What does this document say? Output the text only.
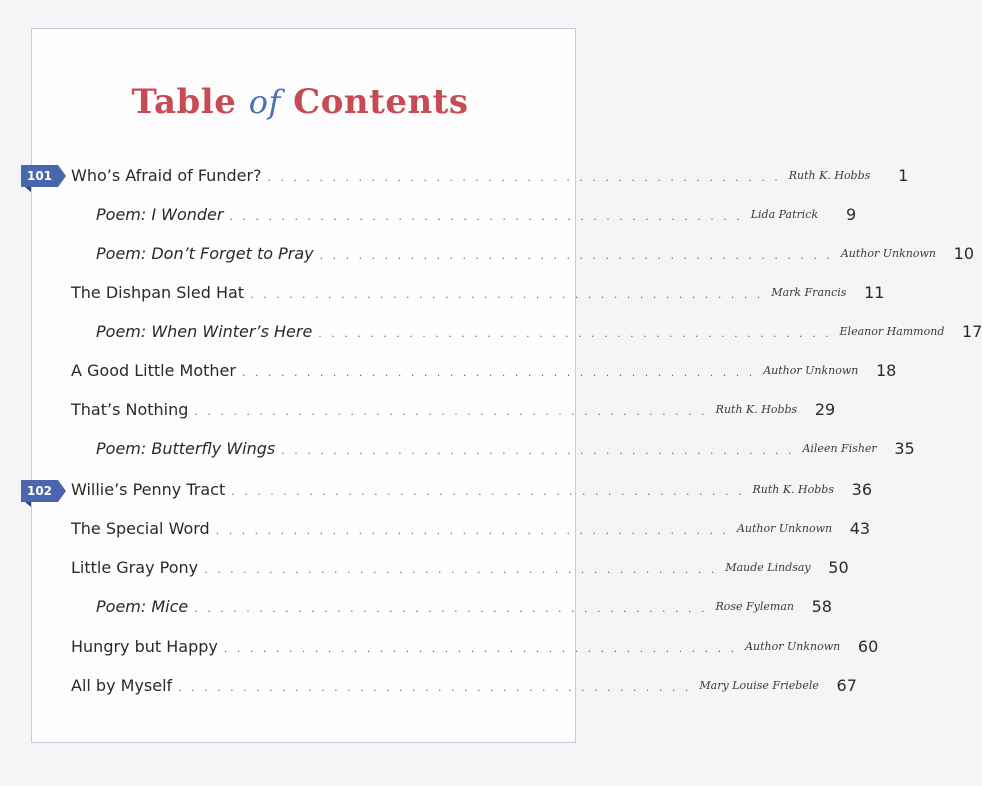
Table of Contents
101
102
Who’s Afraid of Funder? . . . . . . . . . . . . . . . . . . . . . . . . . . . . . . . . . . . . . . . . Ruth K. Hobbs	1
Poem: I Wonder . . . . . . . . . . . . . . . . . . . . . . . . . . . . . . . . . . . . . . . . Lida Patrick	9
Poem: Don’t Forget to Pray . . . . . . . . . . . . . . . . . . . . . . . . . . . . . . . . . . . . . . . . Author Unknown	10
The Dishpan Sled Hat . . . . . . . . . . . . . . . . . . . . . . . . . . . . . . . . . . . . . . . . Mark Francis	11
Poem: When Winter’s Here . . . . . . . . . . . . . . . . . . . . . . . . . . . . . . . . . . . . . . . . Eleanor Hammond	17
A Good Little Mother . . . . . . . . . . . . . . . . . . . . . . . . . . . . . . . . . . . . . . . . Author Unknown	18
That’s Nothing . . . . . . . . . . . . . . . . . . . . . . . . . . . . . . . . . . . . . . . . Ruth K. Hobbs	29
Poem: Butterfly Wings . . . . . . . . . . . . . . . . . . . . . . . . . . . . . . . . . . . . . . . . Aileen Fisher	35
Willie’s Penny Tract . . . . . . . . . . . . . . . . . . . . . . . . . . . . . . . . . . . . . . . . Ruth K. Hobbs	36
The Special Word . . . . . . . . . . . . . . . . . . . . . . . . . . . . . . . . . . . . . . . . Author Unknown	43
Little Gray Pony . . . . . . . . . . . . . . . . . . . . . . . . . . . . . . . . . . . . . . . . Maude Lindsay	50
Poem: Mice . . . . . . . . . . . . . . . . . . . . . . . . . . . . . . . . . . . . . . . . Rose Fyleman	58
Hungry but Happy . . . . . . . . . . . . . . . . . . . . . . . . . . . . . . . . . . . . . . . . Author Unknown	60
All by Myself . . . . . . . . . . . . . . . . . . . . . . . . . . . . . . . . . . . . . . . . Mary Louise Friebele	67
